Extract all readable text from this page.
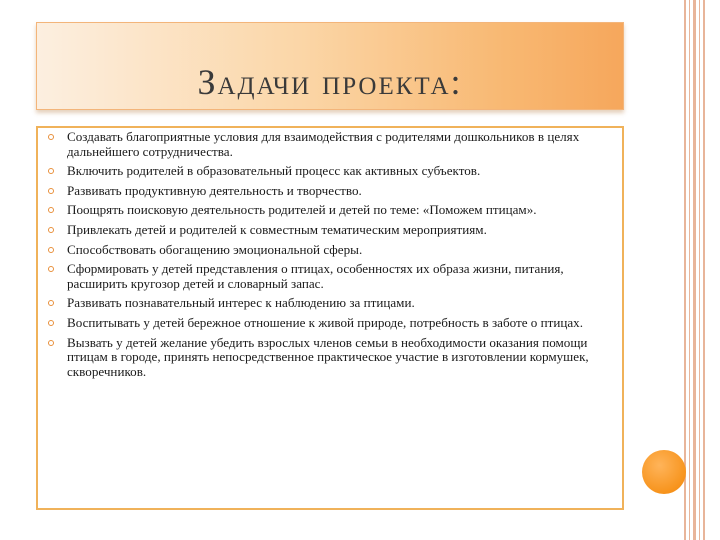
Задачи проекта:
Создавать благоприятные условия для взаимодействия с родителями дошкольников в целях дальнейшего сотрудничества.
Включить родителей в образовательный процесс как активных субъектов.
Развивать продуктивную деятельность и творчество.
Поощрять поисковую деятельность родителей и детей по теме: «Поможем птицам».
Привлекать детей и родителей к совместным тематическим мероприятиям.
Способствовать обогащению эмоциональной сферы.
Сформировать у детей представления о птицах, особенностях их образа жизни, питания, расширить кругозор детей и словарный запас.
Развивать познавательный интерес к наблюдению за птицами.
Воспитывать у детей бережное отношение к живой природе, потребность в заботе о птицах.
Вызвать у детей желание убедить взрослых членов семьи в необходимости оказания помощи птицам в городе, принять непосредственное практическое участие в изготовлении кормушек, скворечников.
